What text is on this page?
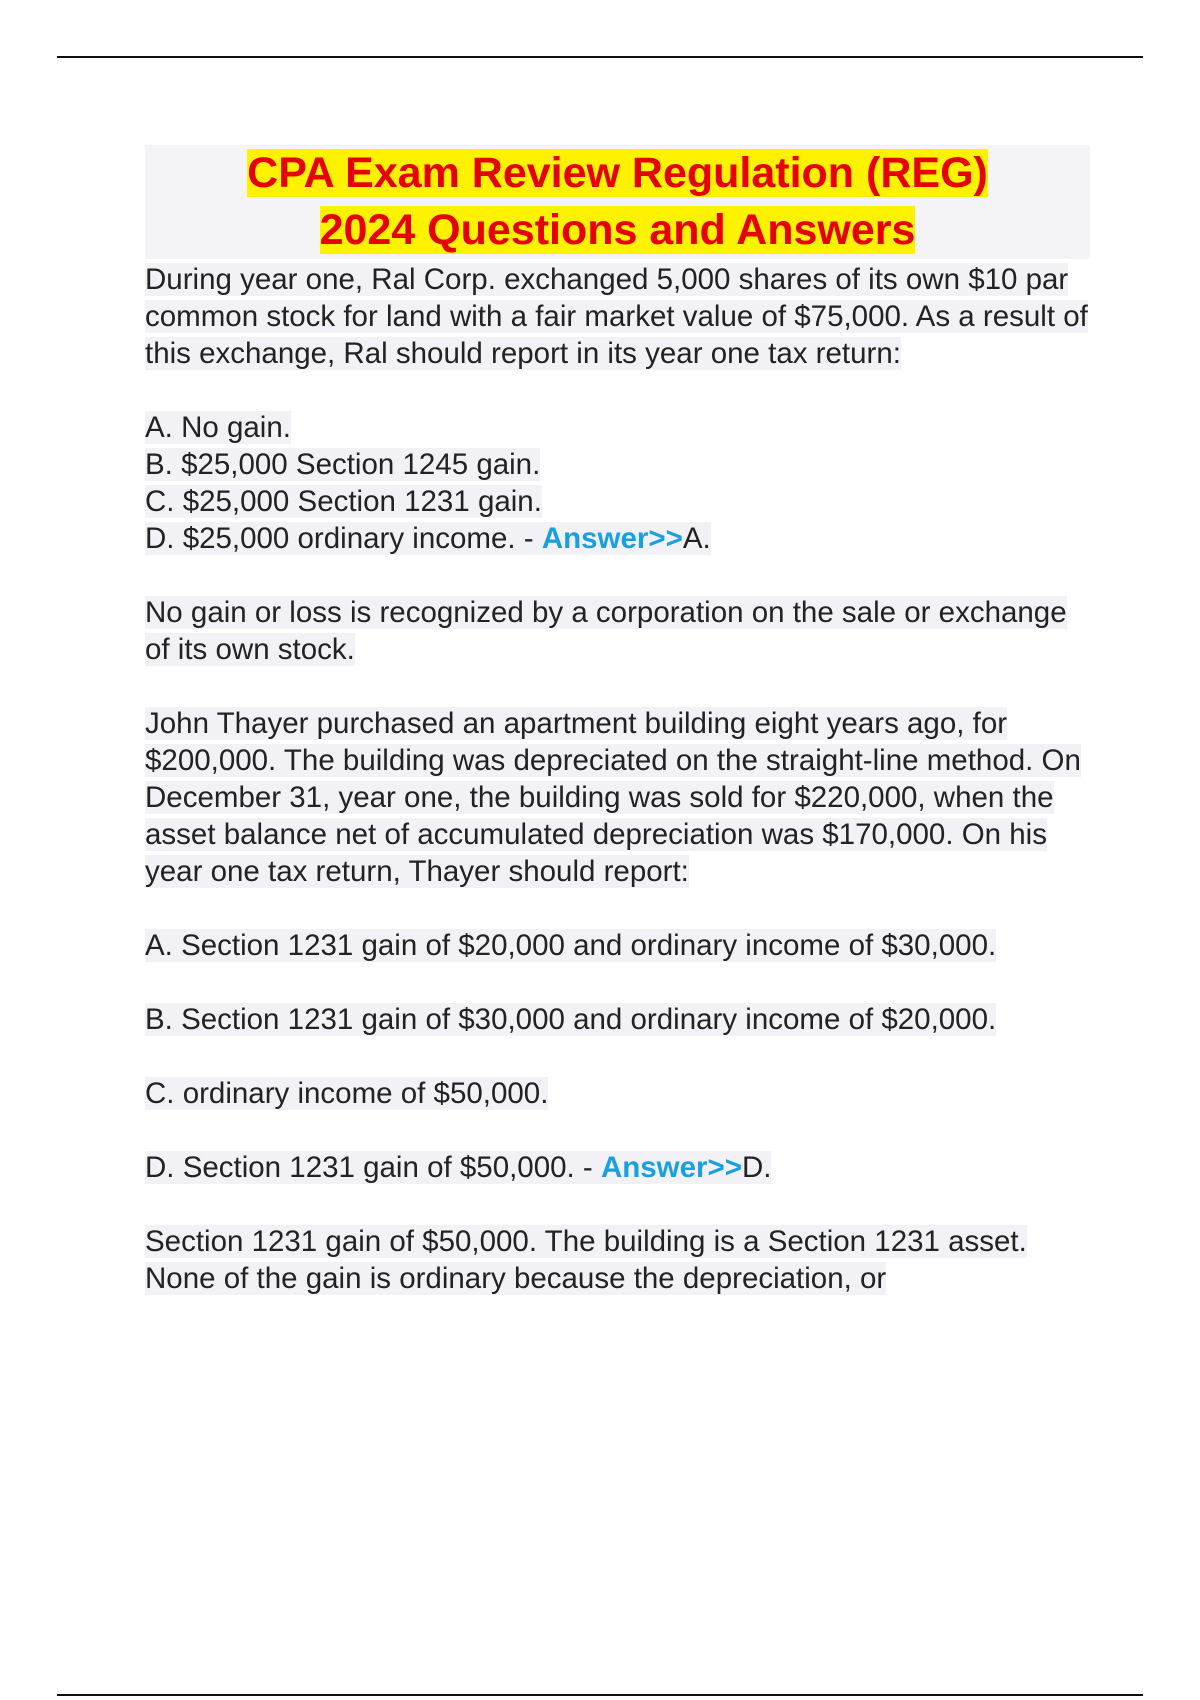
CPA Exam Review Regulation (REG)
2024 Questions and Answers

During year one, Ral Corp. exchanged 5,000 shares of its own $10 par common stock for land with a fair market value of $75,000. As a result of this exchange, Ral should report in its year one tax return:

A. No gain.

B. $25,000 Section 1245 gain.

C. $25,000 Section 1231 gain.

D. $25,000 ordinary income. - Answer>>A.

No gain or loss is recognized by a corporation on the sale or exchange of its own stock.

John Thayer purchased an apartment building eight years ago, for $200,000. The building was depreciated on the straight-line method. On December 31, year one, the building was sold for $220,000, when the asset balance net of accumulated depreciation was $170,000. On his year one tax return, Thayer should report:

A. Section 1231 gain of $20,000 and ordinary income of $30,000.

B. Section 1231 gain of $30,000 and ordinary income of $20,000.

C. ordinary income of $50,000.

D. Section 1231 gain of $50,000. - Answer>>D.

Section 1231 gain of $50,000. The building is a Section 1231 asset. None of the gain is ordinary because the depreciation, or
